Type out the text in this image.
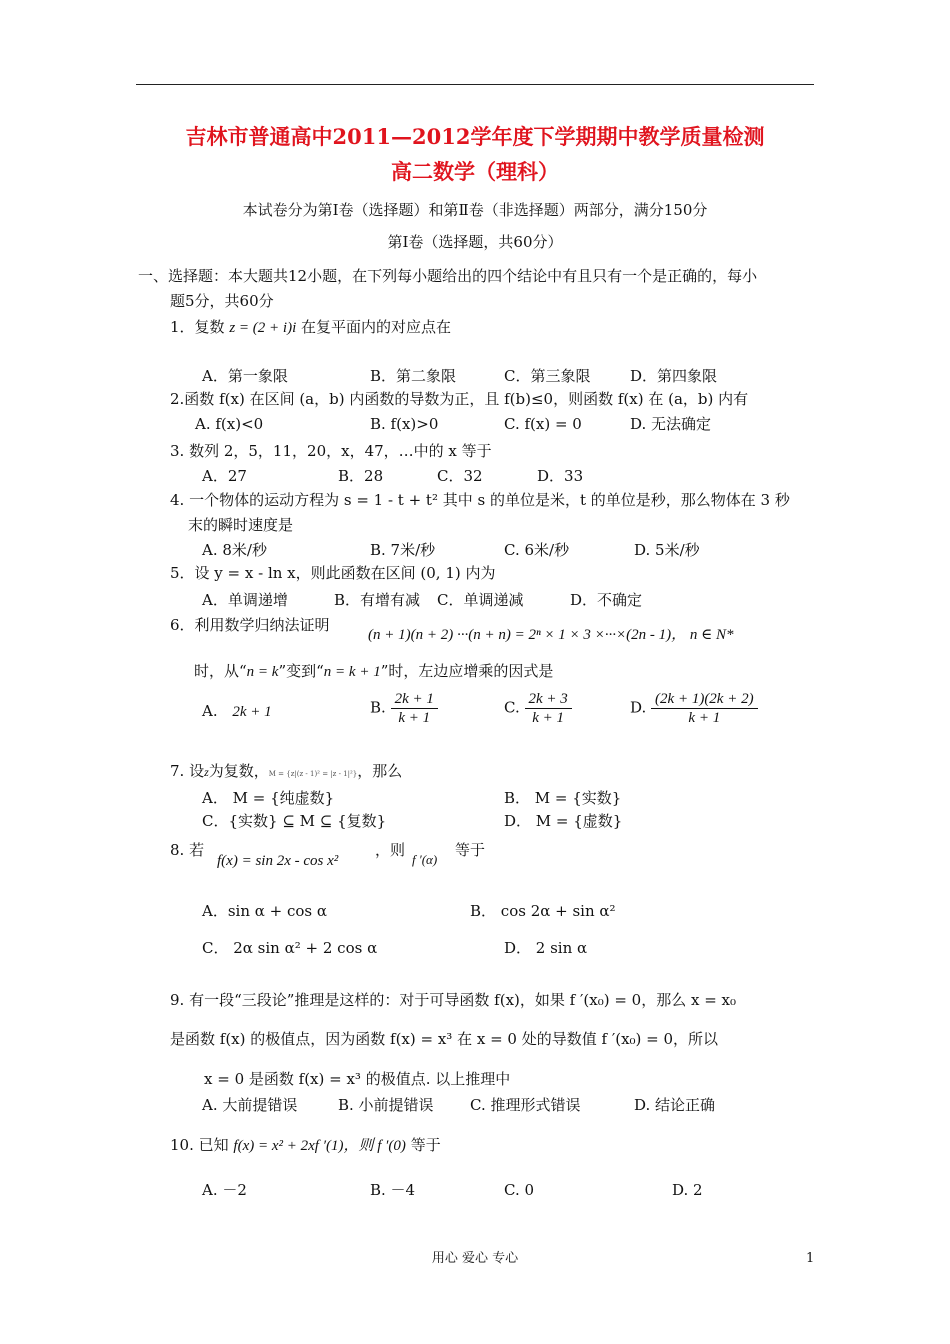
吉林市普通高中2011—2012学年度下学期期中教学质量检测
高二数学（理科）
本试卷分为第Ⅰ卷（选择题）和第Ⅱ卷（非选择题）两部分，满分150分
第Ⅰ卷（选择题，共60分）
一、选择题：本大题共12小题，在下列每小题给出的四个结论中有且只有一个是正确的，每小
题5分，共60分
1．复数 z = (2 + i)i 在复平面内的对应点在
A．第一象限	B．第二象限	C．第三象限	D．第四象限
2.函数 f(x) 在区间 (a，b) 内函数的导数为正，且 f(b)≤0，则函数 f(x) 在 (a，b) 内有
A. f(x)<0	B. f(x)>0	C. f(x) = 0	D. 无法确定
3. 数列 2，5，11，20，x，47，…中的 x 等于
A．27	B．28	C．32	D．33
4. 一个物体的运动方程为 s = 1 - t + t² 其中 s 的单位是米，t 的单位是秒，那么物体在 3 秒
末的瞬时速度是
A. 8米/秒	B. 7米/秒	C. 6米/秒	D. 5米/秒
5．设 y = x - ln x，则此函数在区间 (0, 1) 内为
A．单调递增	B．有增有减 C．单调递减	D．不确定
6．利用数学归纳法证明
(n + 1)(n + 2) ···(n + n) = 2ⁿ × 1 × 3 ×···×(2n - 1)， n ∈ N*
时，从“n = k”变到“n = k + 1”时，左边应增乘的因式是
A. 2k + 1	B. $\frac{2k + 1}{k + 1}$	C. $\frac{2k + 3}{k + 1}$	D. $\frac{(2k + 1)(2k + 2)}{k + 1}$
7. 设z为复数，M = {z|(z - 1)² = |z - 1|²}，那么
A． M = {纯虚数}	B． M = {实数}
C．{实数} ⊆ M ⊆ {复数}	D． M = {虚数}
8. 若
f(x) = sin 2x - cos x²
，则
f ′(α)
等于
A．sin α + cos α	B． cos 2α + sin α²
C． 2α sin α² + 2 cos α	D． 2 sin α
9. 有一段“三段论”推理是这样的：对于可导函数 f(x)，如果 f ′(x₀) = 0，那么 x = x₀
是函数 f(x) 的极值点，因为函数 f(x) = x³ 在 x = 0 处的导数值 f ′(x₀) = 0，所以
x = 0 是函数 f(x) = x³ 的极值点. 以上推理中
A. 大前提错误	B. 小前提错误 C. 推理形式错误	D. 结论正确
10. 已知 f(x) = x² + 2xf ′(1)，则 f ′(0) 等于
A. －2	B. －4	C. 0	D. 2
用心 爱心 专心	1
